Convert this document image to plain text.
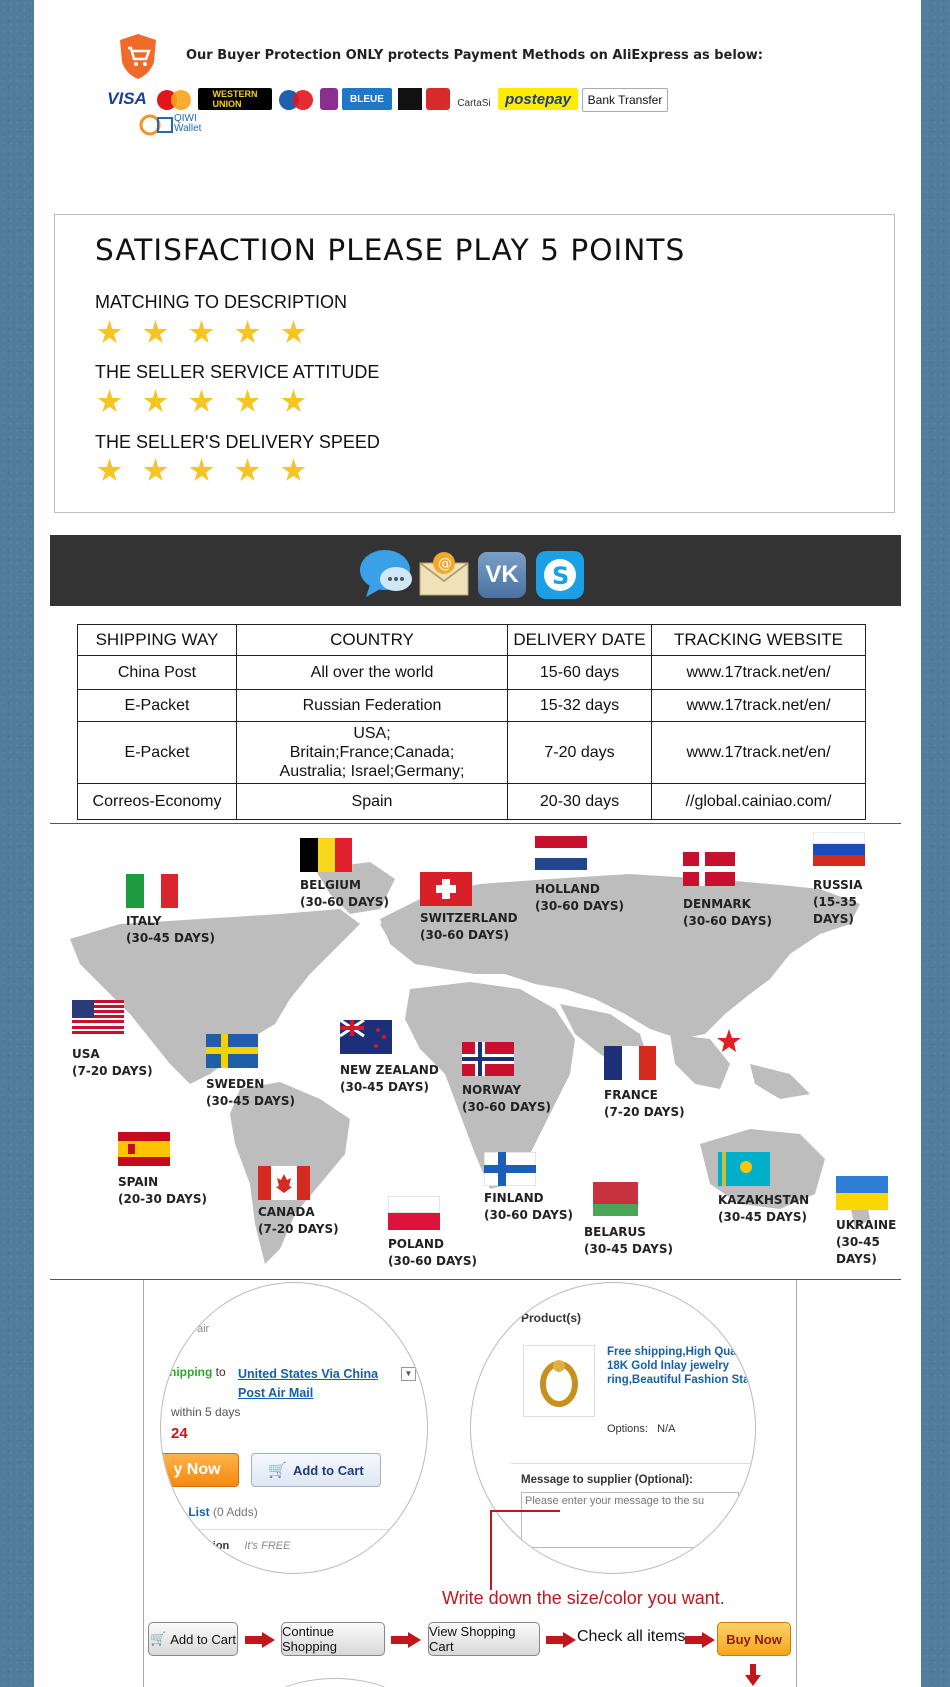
Our Buyer Protection ONLY protects Payment Methods on AliExpress as below:
VISA	WESTERN
UNION	BLEUE	CartaSi postepay	Bank Transfer
QIWI
Wallet
SATISFACTION PLEASE PLAY 5 POINTS
MATCHING TO DESCRIPTION
THE SELLER SERVICE ATTITUDE
THE SELLER'S DELIVERY SPEED
@	VK	S
SHIPPING WAY	COUNTRY	DELIVERY DATE	TRACKING WEBSITE
China Post	All over the world	15-60 days	www.17track.net/en/
E-Packet	Russian Federation	15-32 days	www.17track.net/en/
E-Packet	USA;
Britain;France;Canada;
Australia; Israel;Germany;	7-20 days	www.17track.net/en/
Correos-Economy	Spain	20-30 days	//global.cainiao.com/
ITALY
(30-45 DAYS)
BELGIUM
(30-60 DAYS)
SWITZERLAND
(30-60 DAYS)
HOLLAND
(30-60 DAYS)	DENMARK
(30-60 DAYS)
RUSSIA
(15-35 DAYS)
USA
(7-20 DAYS)
SWEDEN
(30-45 DAYS)
NEW ZEALAND
(30-45 DAYS)	NORWAY
(30-60 DAYS)
FRANCE
(7-20 DAYS)
SPAIN
(20-30 DAYS)
CANADA
(7-20 DAYS)
FINLAND
(30-60 DAYS)
POLAND
(30-60 DAYS)
BELARUS
(30-45 DAYS)
KAZAKHSTAN
(30-45 DAYS)
UKRAINE
(30-45 DAYS)
air
hipping to United States Via China
Post Air Mail
▼
within 5 days
24
y Now	🛒 Add to Cart
sh List (0 Adds)
ction It's FREE
rs
Product(s)
Free shipping,High Qua 18K Gold Inlay jewelry ring,Beautiful Fashion Sta
Options: N/A
Message to supplier (Optional):
Please enter your message to the su
Write down the size/color you want.
🛒 Add to Cart	Continue Shopping
View Shopping Cart
Check all items	Buy Now
